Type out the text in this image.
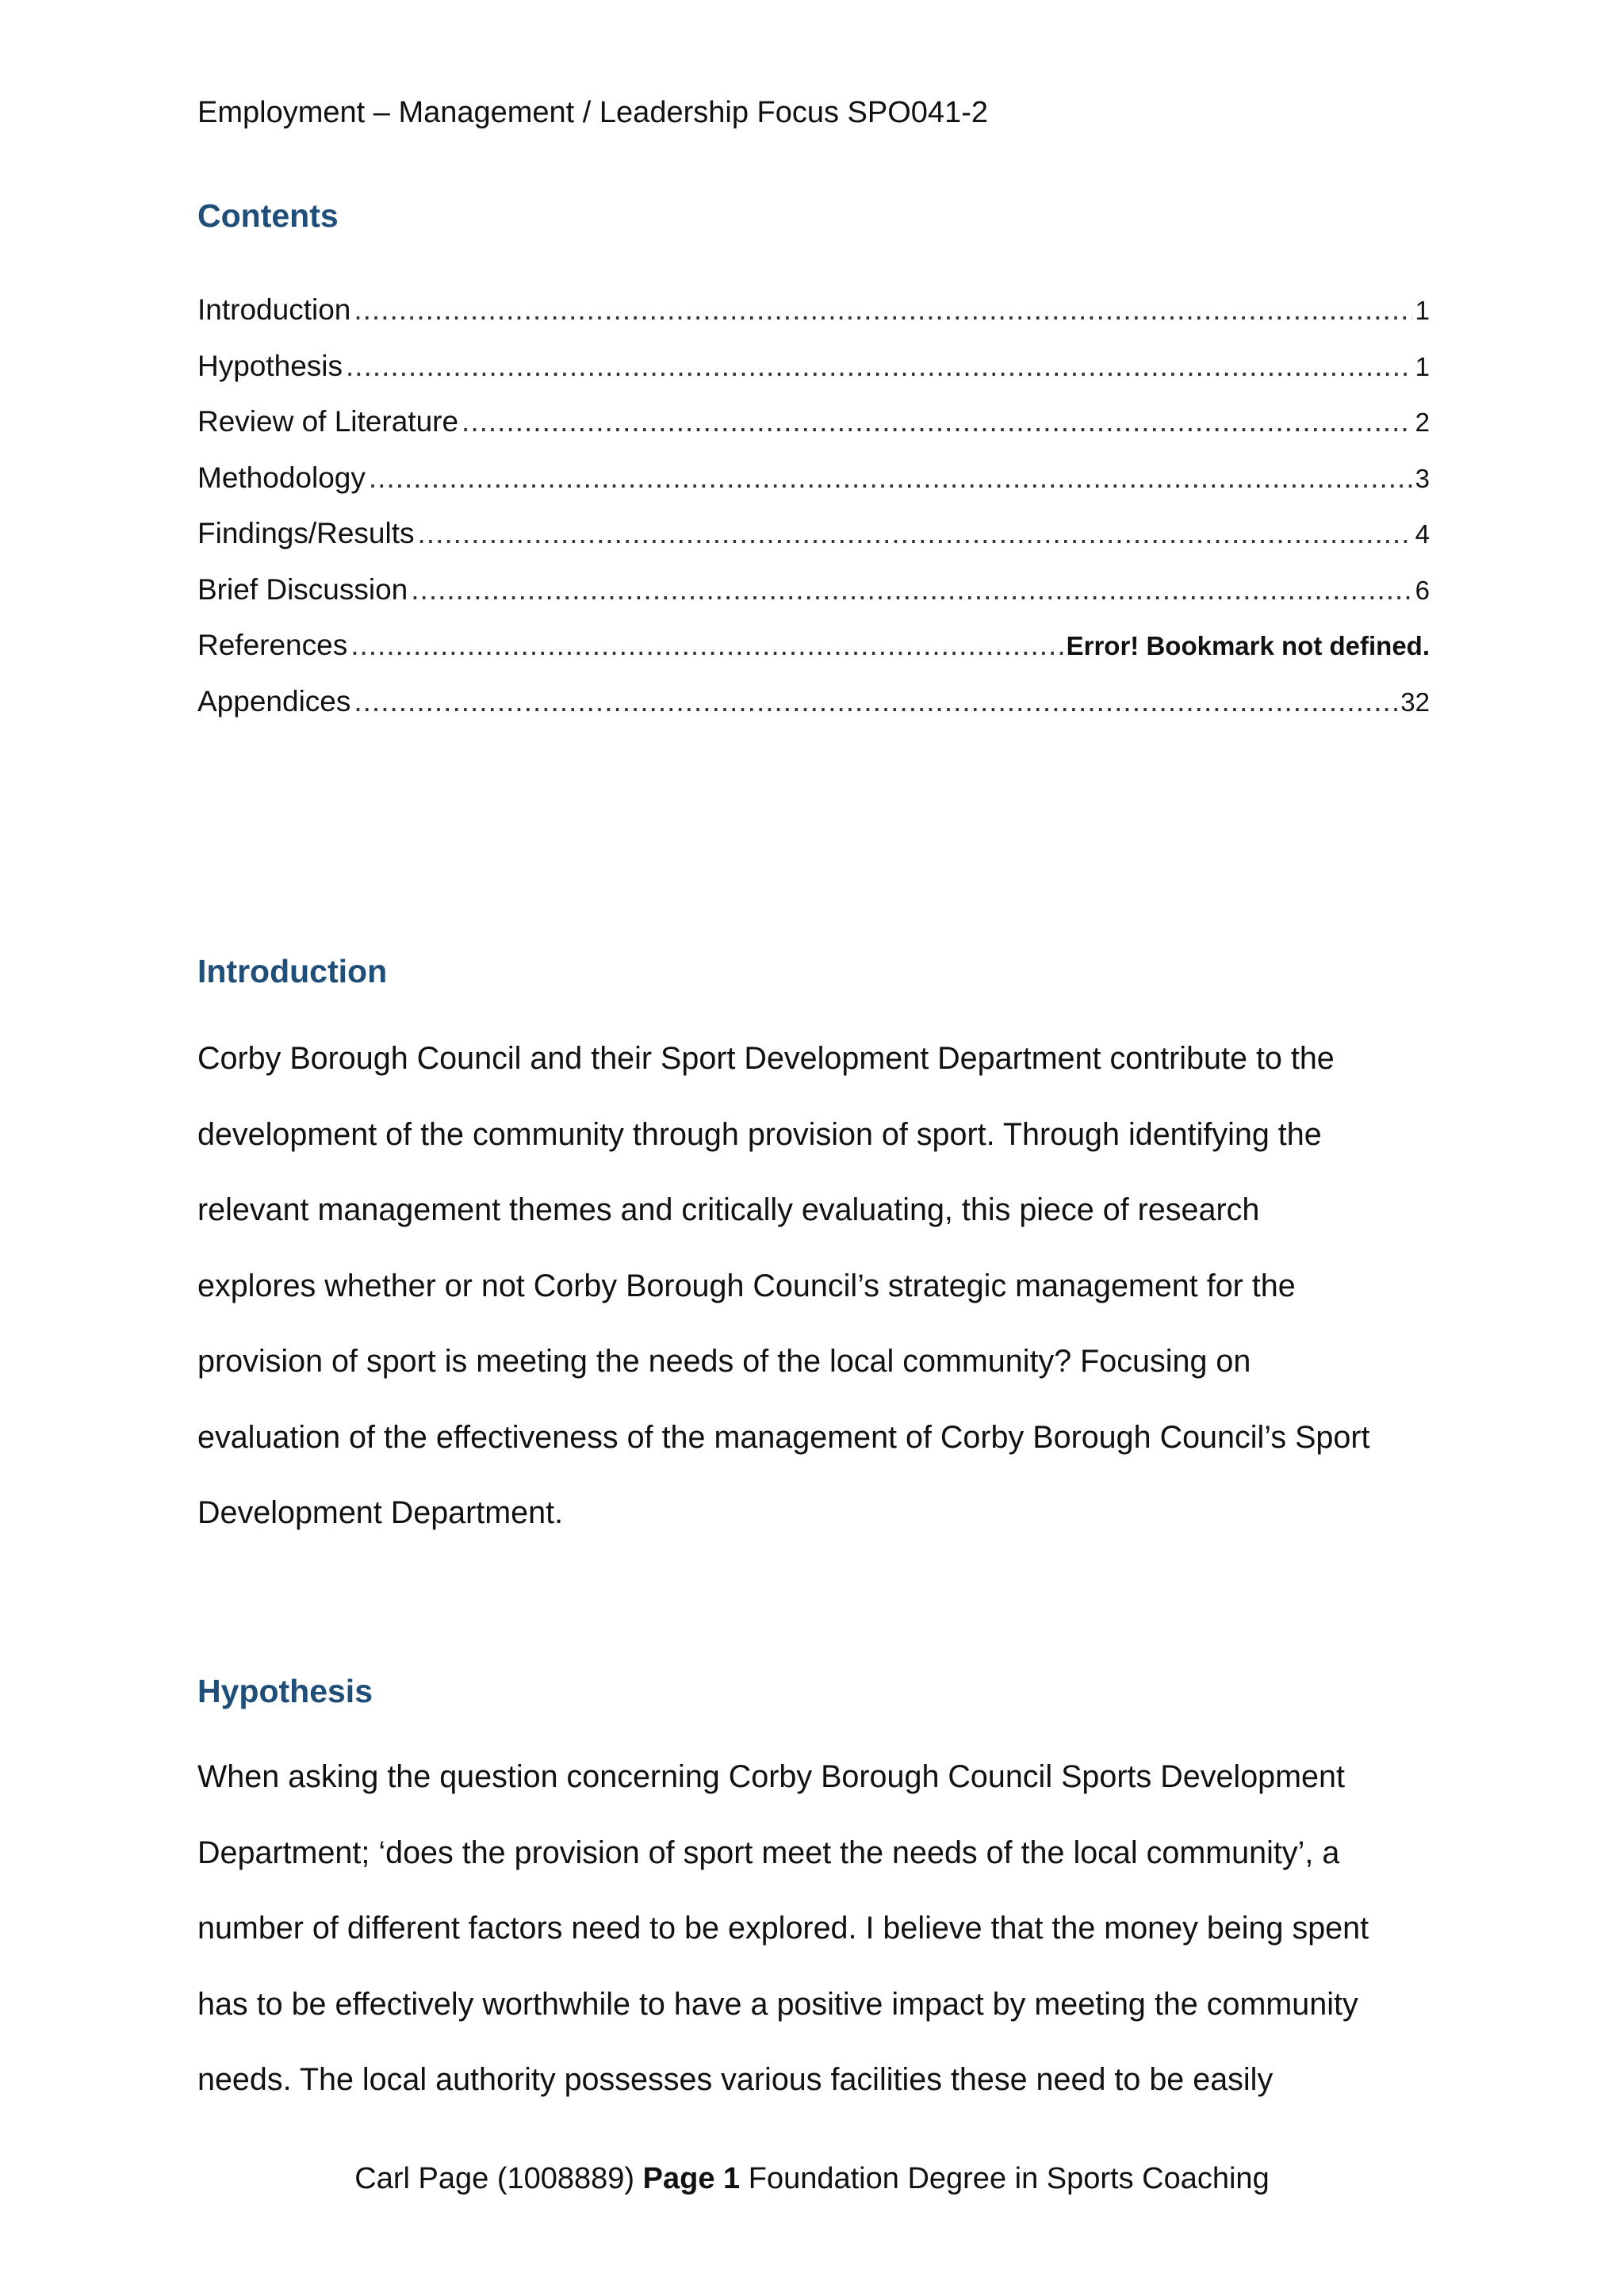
Employment – Management / Leadership Focus SPO041-2
Contents
Introduction .....	1
Hypothesis .....	1
Review of Literature .....	2
Methodology .....	3
Findings/Results .....	4
Brief Discussion .....	6
References .....	Error! Bookmark not defined.
Appendices .....	32
Introduction
Corby Borough Council and their Sport Development Department contribute to the
development of the community through provision of sport. Through identifying the
relevant management themes and critically evaluating, this piece of research
explores whether or not Corby Borough Council’s strategic management for the
provision of sport is meeting the needs of the local community? Focusing on
evaluation of the effectiveness of the management of Corby Borough Council’s Sport
Development Department.
Hypothesis
When asking the question concerning Corby Borough Council Sports Development
Department; ‘does the provision of sport meet the needs of the local community’, a
number of different factors need to be explored. I believe that the money being spent
has to be effectively worthwhile to have a positive impact by meeting the community
needs. The local authority possesses various facilities these need to be easily
Carl Page (1008889) Page 1 Foundation Degree in Sports Coaching
